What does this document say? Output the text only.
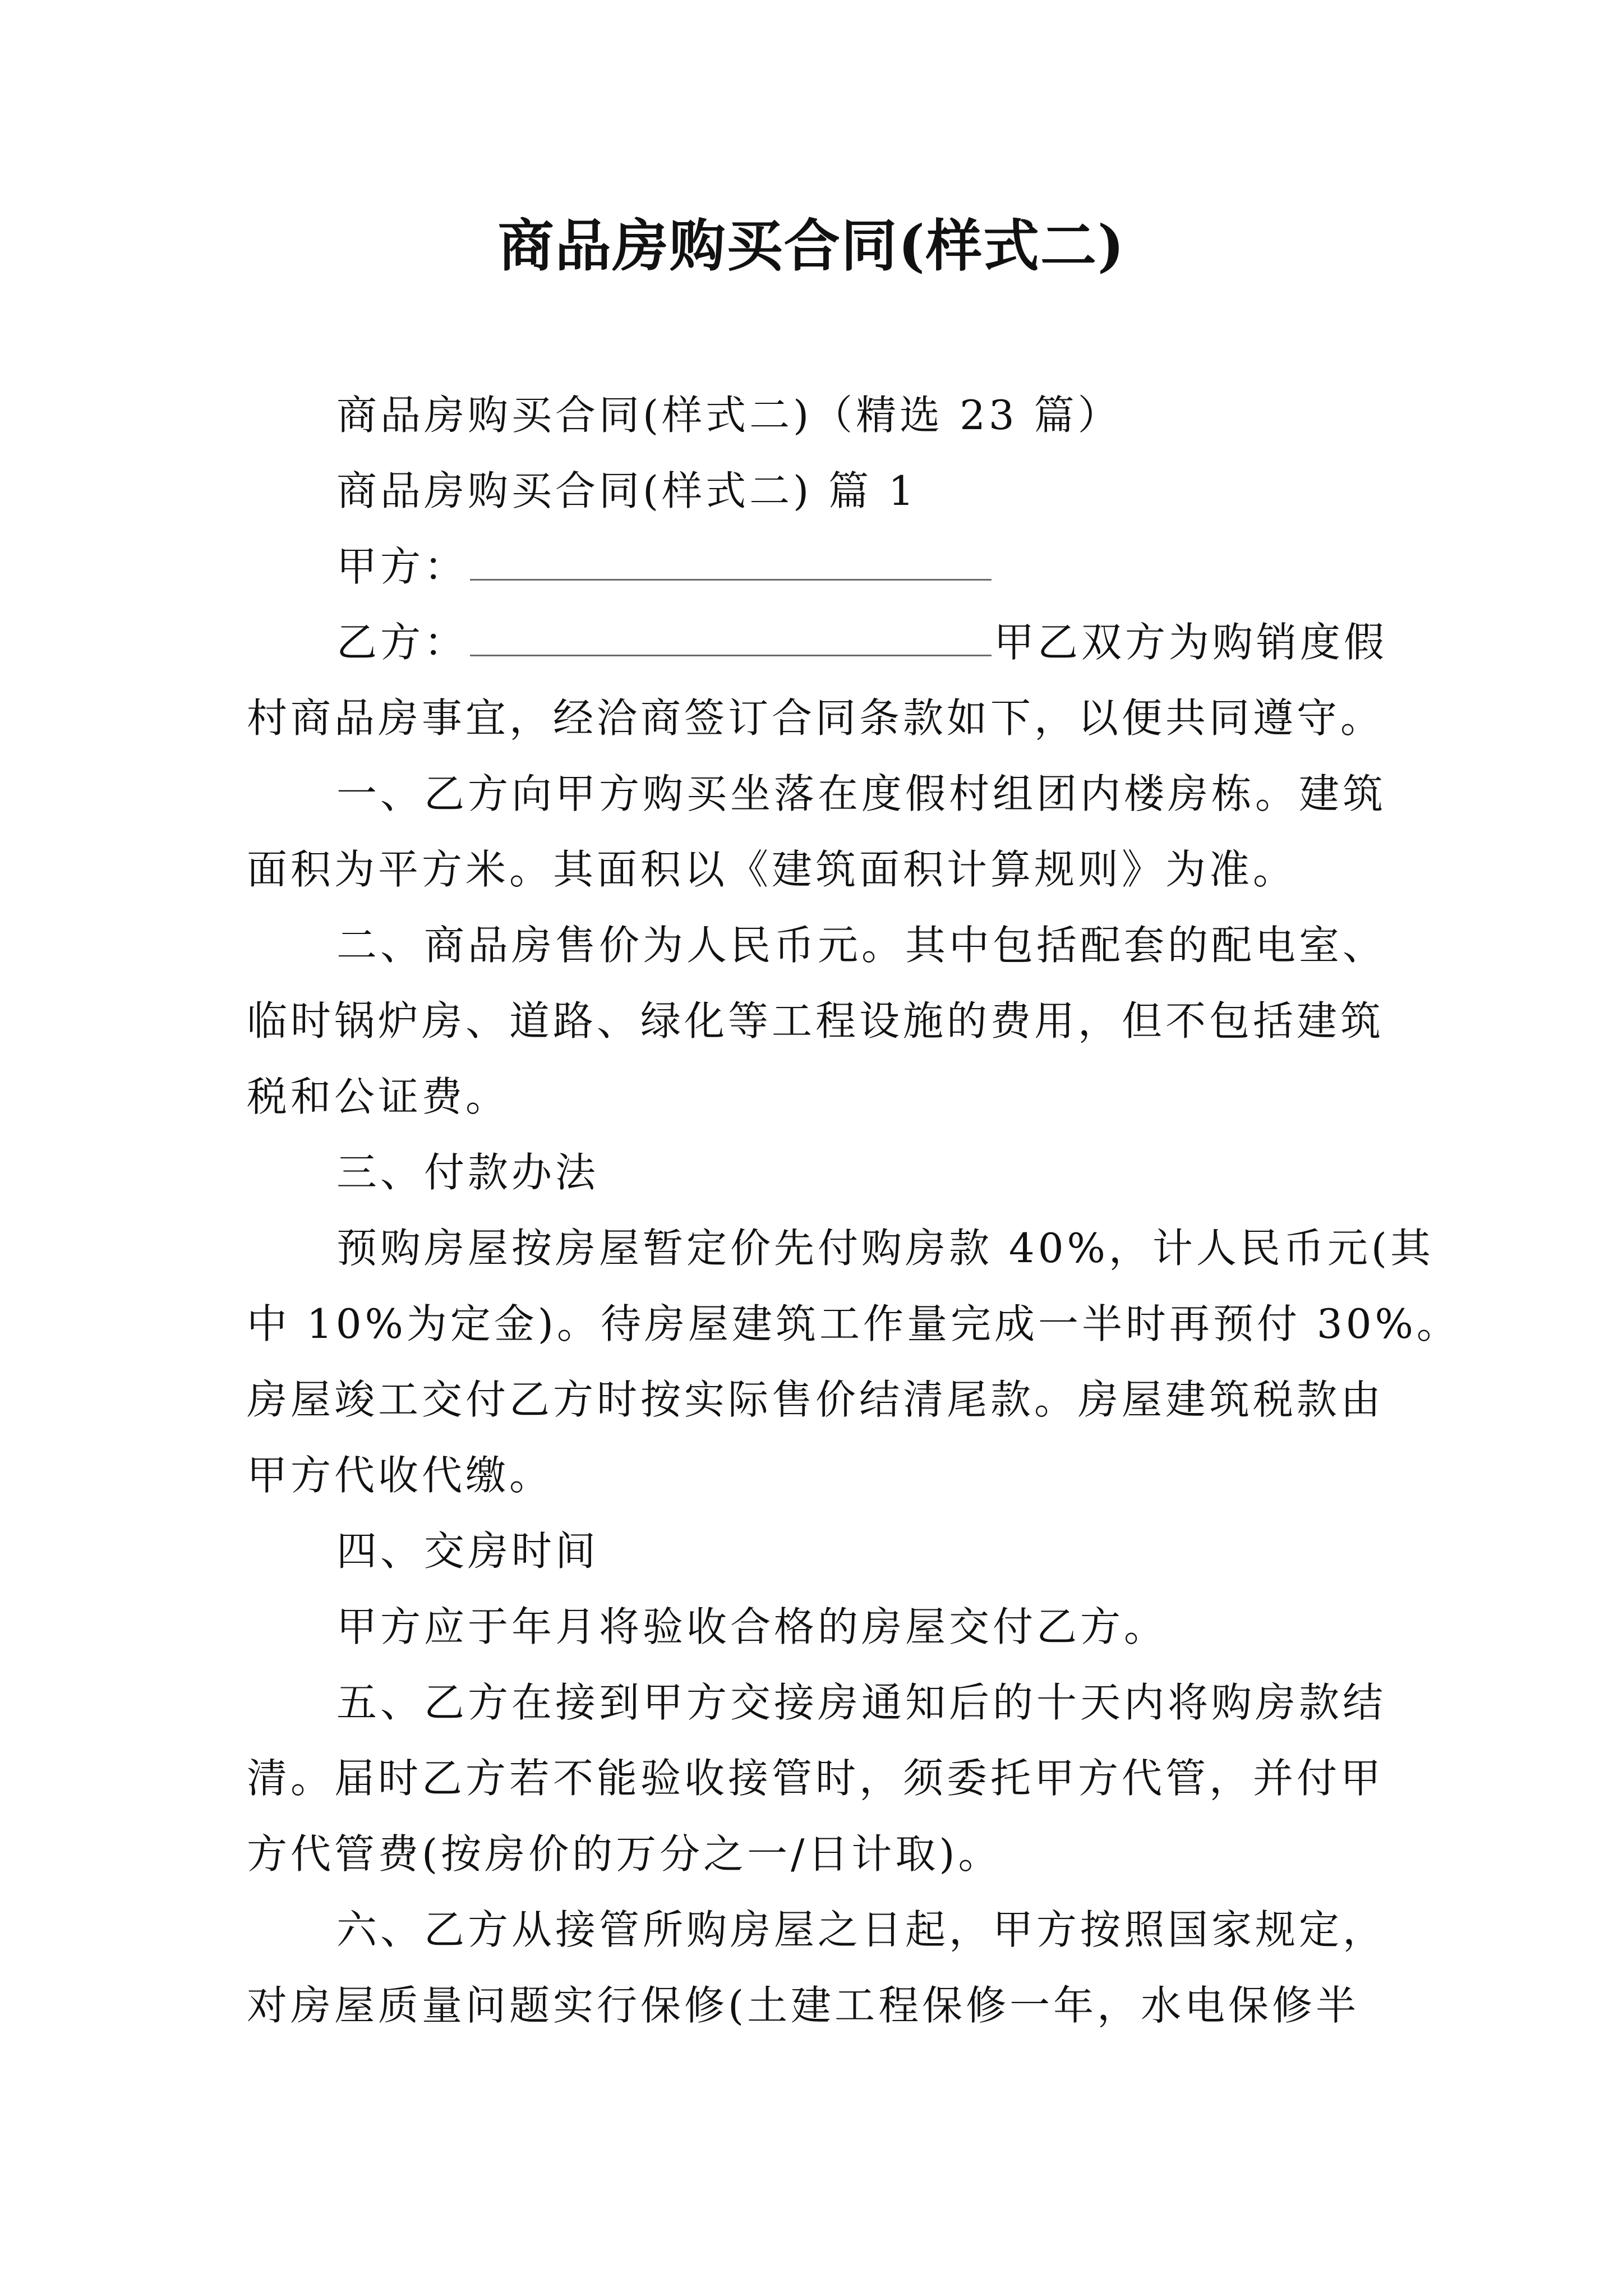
商品房购买合同(样式二)
商品房购买合同(样式二)（精选 23 篇）
商品房购买合同(样式二) 篇 1
甲方：
乙方：	甲乙双方为购销度假
村商品房事宜，经洽商签订合同条款如下，以便共同遵守。
一、乙方向甲方购买坐落在度假村组团内楼房栋。建筑
面积为平方米。其面积以《建筑面积计算规则》为准。
二、商品房售价为人民币元。其中包括配套的配电室、
临时锅炉房、道路、绿化等工程设施的费用，但不包括建筑
税和公证费。
三、付款办法
预购房屋按房屋暂定价先付购房款 40%，计人民币元(其
中 10%为定金)。待房屋建筑工作量完成一半时再预付 30%。
房屋竣工交付乙方时按实际售价结清尾款。房屋建筑税款由
甲方代收代缴。
四、交房时间
甲方应于年月将验收合格的房屋交付乙方。
五、乙方在接到甲方交接房通知后的十天内将购房款结
清。届时乙方若不能验收接管时，须委托甲方代管，并付甲
方代管费(按房价的万分之一/日计取)。
六、乙方从接管所购房屋之日起，甲方按照国家规定，
对房屋质量问题实行保修(土建工程保修一年，水电保修半
